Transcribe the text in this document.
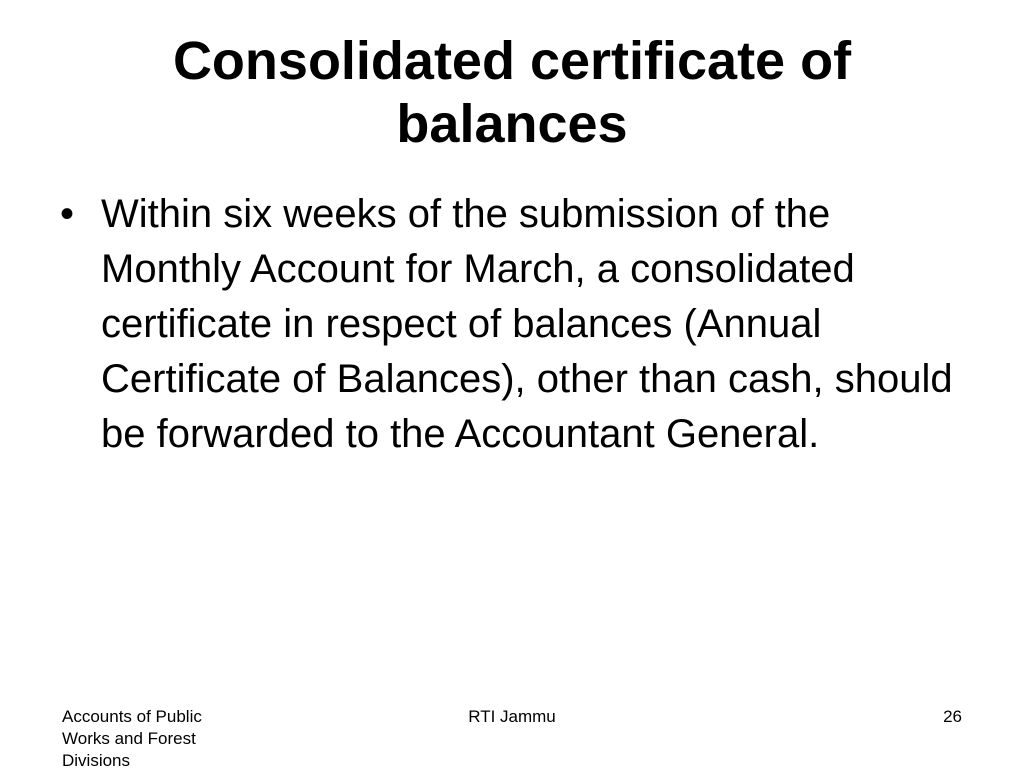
Consolidated certificate of balances
• Within six weeks of the submission of the Monthly Account for March, a consolidated certificate in respect of balances (Annual Certificate of Balances), other than cash, should be forwarded to the Accountant General.
Accounts of Public Works and Forest Divisions
RTI Jammu	26
